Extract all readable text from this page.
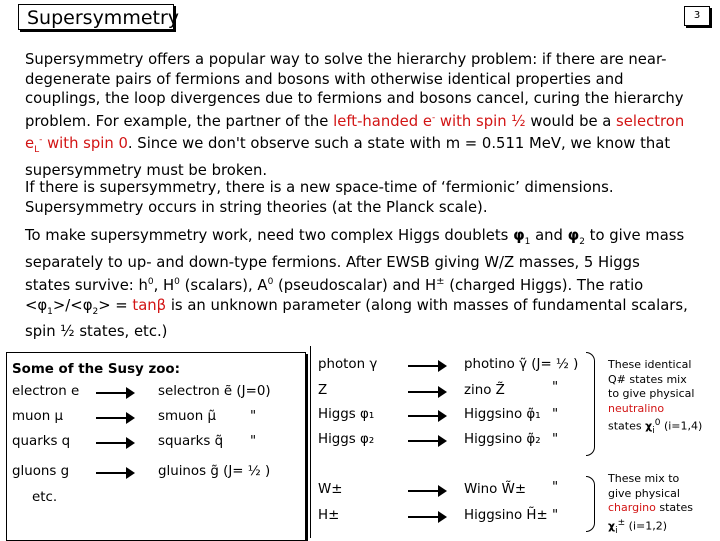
Supersymmetry	3
Supersymmetry offers a popular way to solve the hierarchy problem: if there are near-
degenerate pairs of fermions and bosons with otherwise identical properties and
couplings, the loop divergences due to fermions and bosons cancel, curing the hierarchy
problem. For example, the partner of the left-handed e- with spin ½ would be a selectron
$e_L^-$ with spin 0. Since we don't observe such a state with m = 0.511 MeV, we know that
supersymmetry must be broken.
If there is supersymmetry, there is a new space-time of ‘fermionic’ dimensions.
Supersymmetry occurs in string theories (at the Planck scale).
To make supersymmetry work, need two complex Higgs doublets $\varphi_1$ and $\varphi_2$ to give mass
separately to up- and down-type fermions. After EWSB giving W/Z masses, 5 Higgs
states survive: $h^0$, $H^0$ (scalars), $A^0$ (pseudoscalar) and H± (charged Higgs). The ratio
$<\varphi_1>/<\varphi_2> = \tan\beta$ is an unknown parameter (along with masses of fundamental scalars,
spin ½ states, etc.)
Some of the Susy zoo:
electron e	selectron ẽ (J=0)
muon μ	smuon μ̃	"
quarks q	squarks q̃ "
gluons g	gluinos g̃ (J= ½ )
etc.
photon γ	photino γ̃ (J= ½ )
Z	zino Z̃	"
Higgs φ₁	Higgsino φ̃₁ "
Higgs φ₂	Higgsino φ̃₂ "
W±	Wino W̃± "
H±	Higgsino H̃± "
These identical
Q# states mix
to give physical
neutralino
states $\chi_i^0$ (i=1,4)
These mix to
give physical
chargino states
$\chi_i^\pm$ (i=1,2)
